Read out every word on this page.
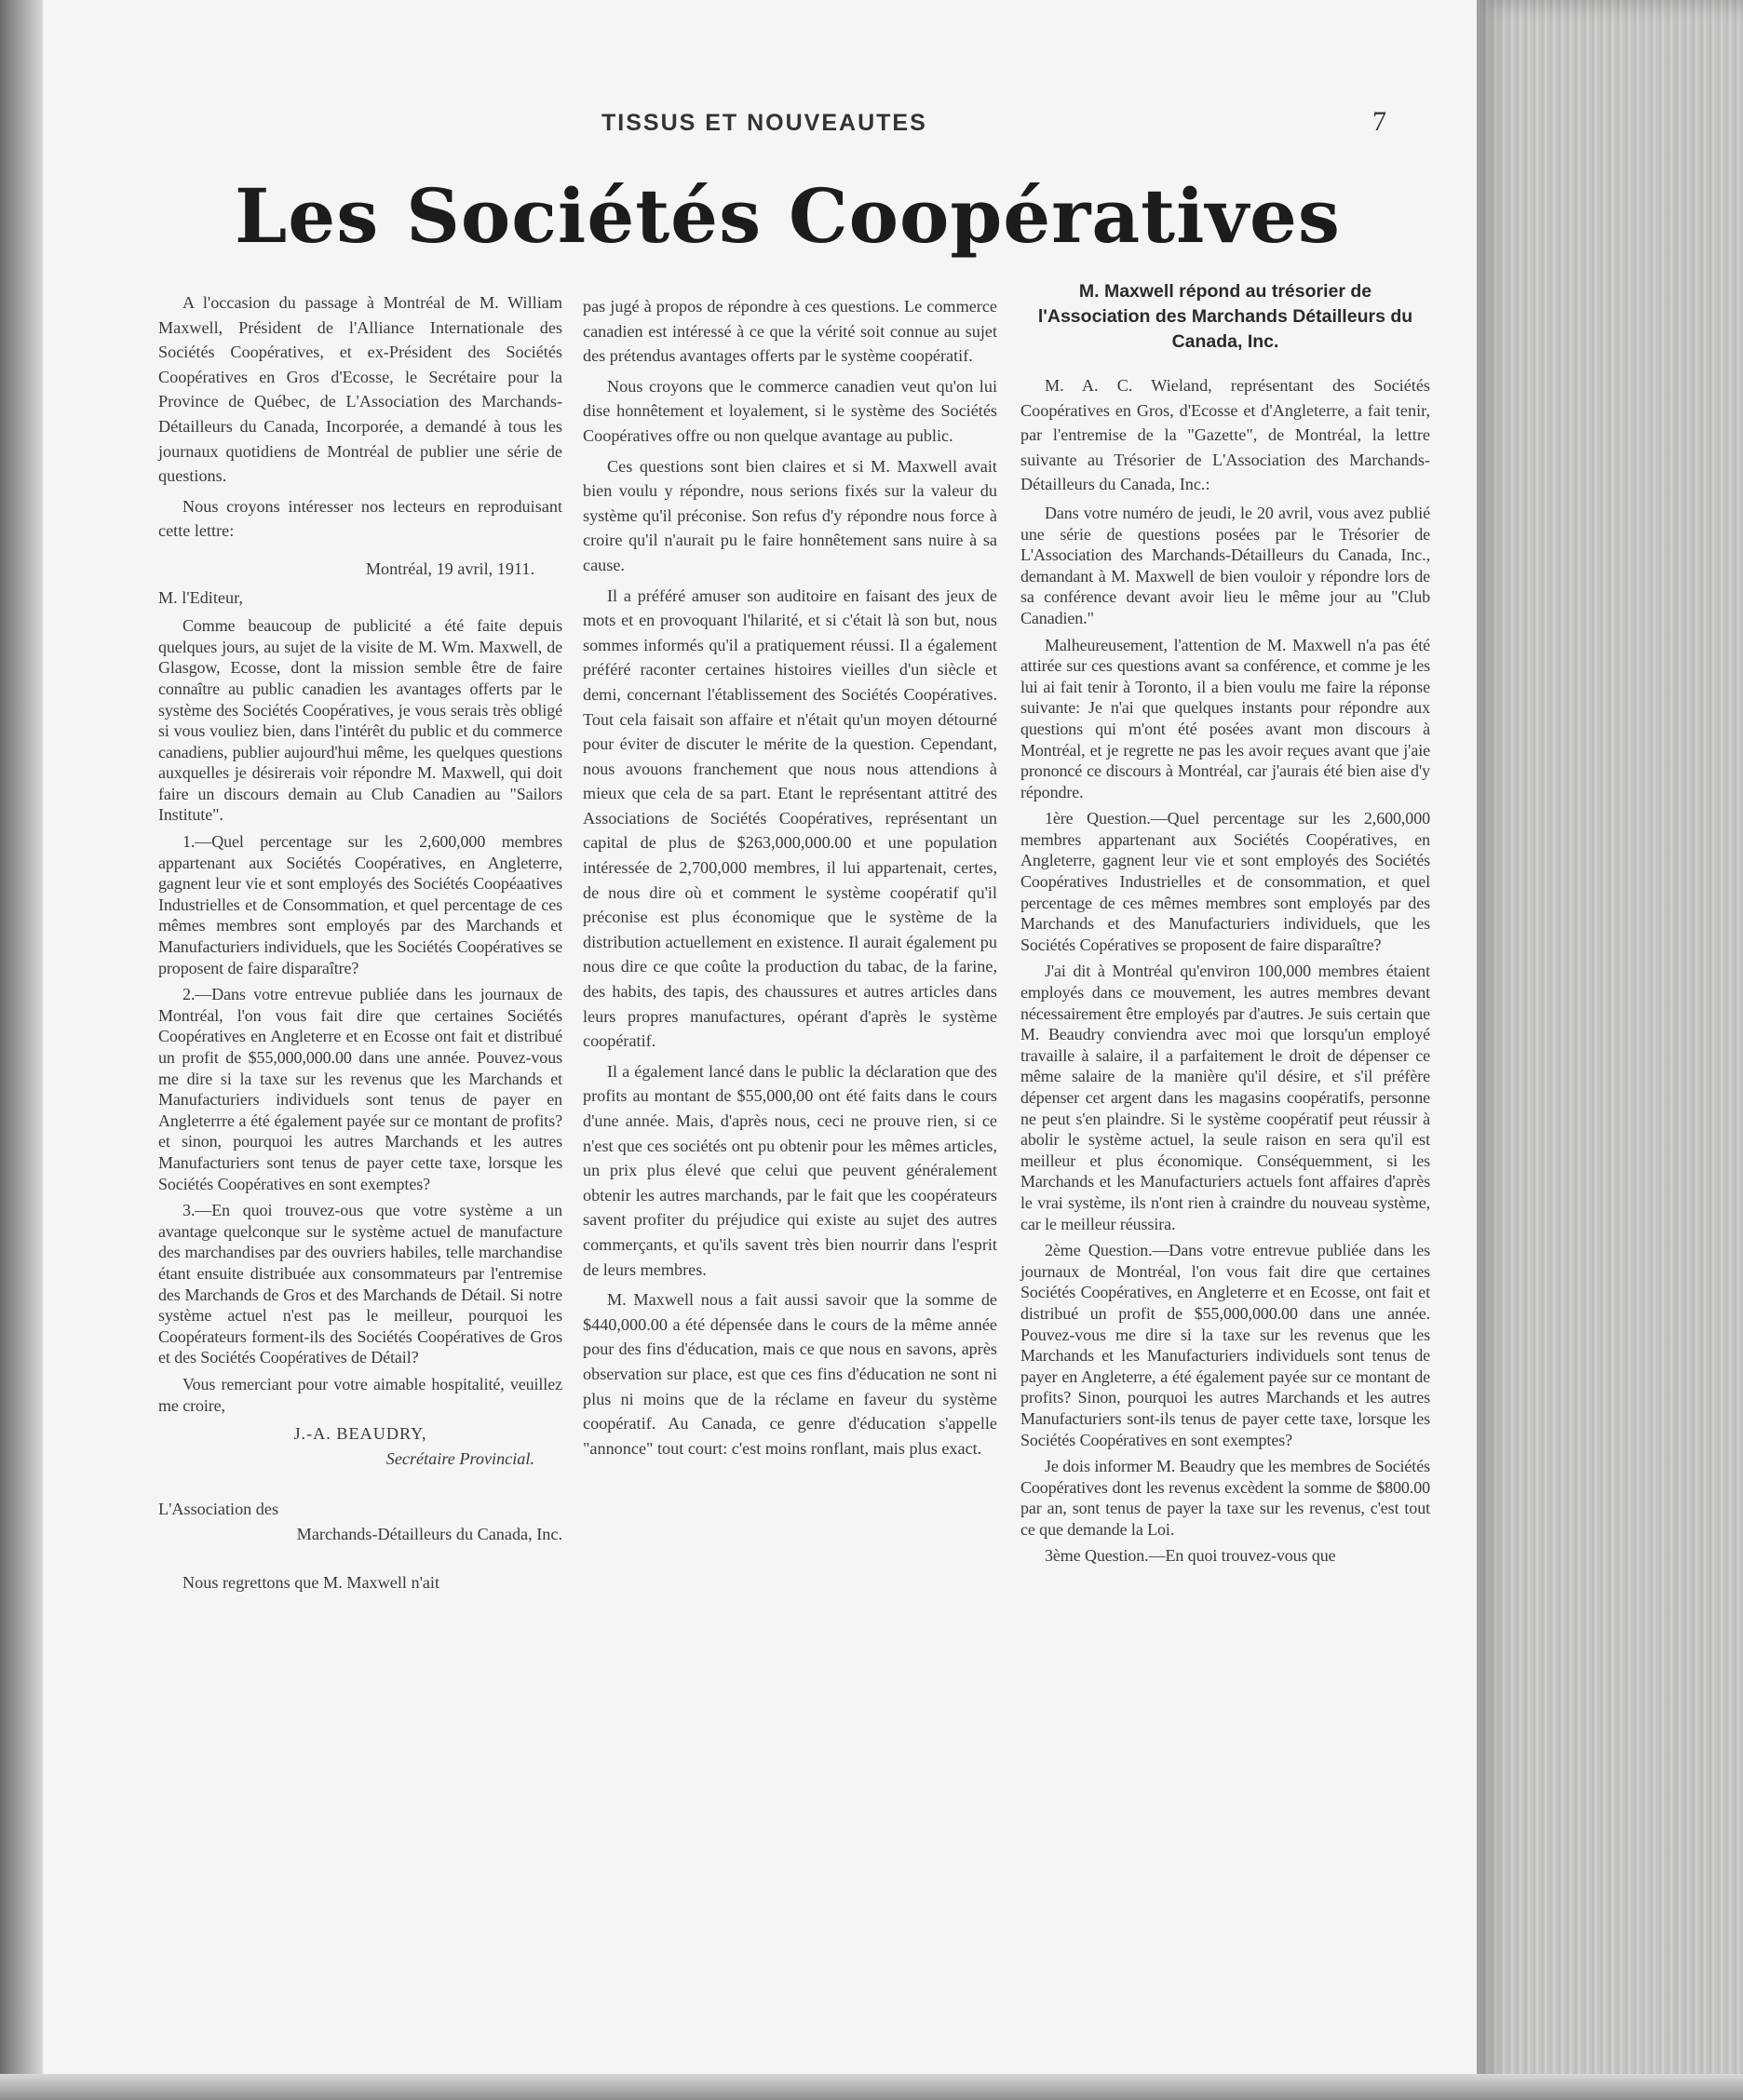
TISSUS ET NOUVEAUTES	7
Les Sociétés Coopératives

A l'occasion du passage à Montréal de M. William Maxwell, Président de l'Alliance Internationale des Sociétés Coopératives, et ex-Président des Sociétés Coopératives en Gros d'Ecosse, le Secrétaire pour la Province de Québec, de L'Association des Marchands-Détailleurs du Canada, Incorporée, a demandé à tous les journaux quotidiens de Montréal de publier une série de questions.

Nous croyons intéresser nos lecteurs en reproduisant cette lettre:

Montréal, 19 avril, 1911.

M. l'Editeur,

Comme beaucoup de publicité a été faite depuis quelques jours, au sujet de la visite de M. Wm. Maxwell, de Glasgow, Ecosse, dont la mission semble être de faire connaître au public canadien les avantages offerts par le système des Sociétés Coopératives, je vous serais très obligé si vous vouliez bien, dans l'intérêt du public et du commerce canadiens, publier aujourd'hui même, les quelques questions auxquelles je désirerais voir répondre M. Maxwell, qui doit faire un discours demain au Club Canadien au "Sailors Institute".

1.—Quel percentage sur les 2,600,000 membres appartenant aux Sociétés Coopératives, en Angleterre, gagnent leur vie et sont employés des Sociétés Coopéaatives Industrielles et de Consommation, et quel percentage de ces mêmes membres sont employés par des Marchands et Manufacturiers individuels, que les Sociétés Coopératives se proposent de faire disparaître?

2.—Dans votre entrevue publiée dans les journaux de Montréal, l'on vous fait dire que certaines Sociétés Coopératives en Angleterre et en Ecosse ont fait et distribué un profit de $55,000,000.00 dans une année. Pouvez-vous me dire si la taxe sur les revenus que les Marchands et Manufacturiers individuels sont tenus de payer en Angleterrre a été également payée sur ce montant de profits? et sinon, pourquoi les autres Marchands et les autres Manufacturiers sont tenus de payer cette taxe, lorsque les Sociétés Coopératives en sont exemptes?

3.—En quoi trouvez-ous que votre système a un avantage quelconque sur le système actuel de manufacture des marchandises par des ouvriers habiles, telle marchandise étant ensuite distribuée aux consommateurs par l'entremise des Marchands de Gros et des Marchands de Détail. Si notre système actuel n'est pas le meilleur, pourquoi les Coopérateurs forment-ils des Sociétés Coopératives de Gros et des Sociétés Coopératives de Détail?

Vous remerciant pour votre aimable hospitalité, veuillez me croire,

J.-A. BEAUDRY,

Secrétaire Provincial.

L'Association des

Marchands-Détailleurs du Canada, Inc.

Nous regrettons que M. Maxwell n'ait

pas jugé à propos de répondre à ces questions. Le commerce canadien est intéressé à ce que la vérité soit connue au sujet des prétendus avantages offerts par le système coopératif.

Nous croyons que le commerce canadien veut qu'on lui dise honnêtement et loyalement, si le système des Sociétés Coopératives offre ou non quelque avantage au public.

Ces questions sont bien claires et si M. Maxwell avait bien voulu y répondre, nous serions fixés sur la valeur du système qu'il préconise. Son refus d'y répondre nous force à croire qu'il n'aurait pu le faire honnêtement sans nuire à sa cause.

Il a préféré amuser son auditoire en faisant des jeux de mots et en provoquant l'hilarité, et si c'était là son but, nous sommes informés qu'il a pratiquement réussi. Il a également préféré raconter certaines histoires vieilles d'un siècle et demi, concernant l'établissement des Sociétés Coopératives. Tout cela faisait son affaire et n'était qu'un moyen détourné pour éviter de discuter le mérite de la question. Cependant, nous avouons franchement que nous nous attendions à mieux que cela de sa part. Etant le représentant attitré des Associations de Sociétés Coopératives, représentant un capital de plus de $263,000,000.00 et une population intéressée de 2,700,000 membres, il lui appartenait, certes, de nous dire où et comment le système coopératif qu'il préconise est plus économique que le système de la distribution actuellement en existence. Il aurait également pu nous dire ce que coûte la production du tabac, de la farine, des habits, des tapis, des chaussures et autres articles dans leurs propres manufactures, opérant d'après le système coopératif.

Il a également lancé dans le public la déclaration que des profits au montant de $55,000,00 ont été faits dans le cours d'une année. Mais, d'après nous, ceci ne prouve rien, si ce n'est que ces sociétés ont pu obtenir pour les mêmes articles, un prix plus élevé que celui que peuvent généralement obtenir les autres marchands, par le fait que les coopérateurs savent profiter du préjudice qui existe au sujet des autres commerçants, et qu'ils savent très bien nourrir dans l'esprit de leurs membres.

M. Maxwell nous a fait aussi savoir que la somme de $440,000.00 a été dépensée dans le cours de la même année pour des fins d'éducation, mais ce que nous en savons, après observation sur place, est que ces fins d'éducation ne sont ni plus ni moins que de la réclame en faveur du système coopératif. Au Canada, ce genre d'éducation s'appelle "annonce" tout court: c'est moins ronflant, mais plus exact.

M. Maxwell répond au trésorier de l'Association des Marchands Détailleurs du Canada, Inc.

M. A. C. Wieland, représentant des Sociétés Coopératives en Gros, d'Ecosse et d'Angleterre, a fait tenir, par l'entremise de la "Gazette", de Montréal, la lettre suivante au Trésorier de L'Association des Marchands-Détailleurs du Canada, Inc.:

Dans votre numéro de jeudi, le 20 avril, vous avez publié une série de questions posées par le Trésorier de L'Association des Marchands-Détailleurs du Canada, Inc., demandant à M. Maxwell de bien vouloir y répondre lors de sa conférence devant avoir lieu le même jour au "Club Canadien."

Malheureusement, l'attention de M. Maxwell n'a pas été attirée sur ces questions avant sa conférence, et comme je les lui ai fait tenir à Toronto, il a bien voulu me faire la réponse suivante: Je n'ai que quelques instants pour répondre aux questions qui m'ont été posées avant mon discours à Montréal, et je regrette ne pas les avoir reçues avant que j'aie prononcé ce discours à Montréal, car j'aurais été bien aise d'y répondre.

1ère Question.—Quel percentage sur les 2,600,000 membres appartenant aux Sociétés Coopératives, en Angleterre, gagnent leur vie et sont employés des Sociétés Coopératives Industrielles et de consommation, et quel percentage de ces mêmes membres sont employés par des Marchands et des Manufacturiers individuels, que les Sociétés Copératives se proposent de faire disparaître?

J'ai dit à Montréal qu'environ 100,000 membres étaient employés dans ce mouvement, les autres membres devant nécessairement être employés par d'autres. Je suis certain que M. Beaudry conviendra avec moi que lorsqu'un employé travaille à salaire, il a parfaitement le droit de dépenser ce même salaire de la manière qu'il désire, et s'il préfère dépenser cet argent dans les magasins coopératifs, personne ne peut s'en plaindre. Si le système coopératif peut réussir à abolir le système actuel, la seule raison en sera qu'il est meilleur et plus économique. Conséquemment, si les Marchands et les Manufacturiers actuels font affaires d'après le vrai système, ils n'ont rien à craindre du nouveau système, car le meilleur réussira.

2ème Question.—Dans votre entrevue publiée dans les journaux de Montréal, l'on vous fait dire que certaines Sociétés Coopératives, en Angleterre et en Ecosse, ont fait et distribué un profit de $55,000,000.00 dans une année. Pouvez-vous me dire si la taxe sur les revenus que les Marchands et les Manufacturiers individuels sont tenus de payer en Angleterre, a été également payée sur ce montant de profits? Sinon, pourquoi les autres Marchands et les autres Manufacturiers sont-ils tenus de payer cette taxe, lorsque les Sociétés Coopératives en sont exemptes?

Je dois informer M. Beaudry que les membres de Sociétés Coopératives dont les revenus excèdent la somme de $800.00 par an, sont tenus de payer la taxe sur les revenus, c'est tout ce que demande la Loi.

3ème Question.—En quoi trouvez-vous que
